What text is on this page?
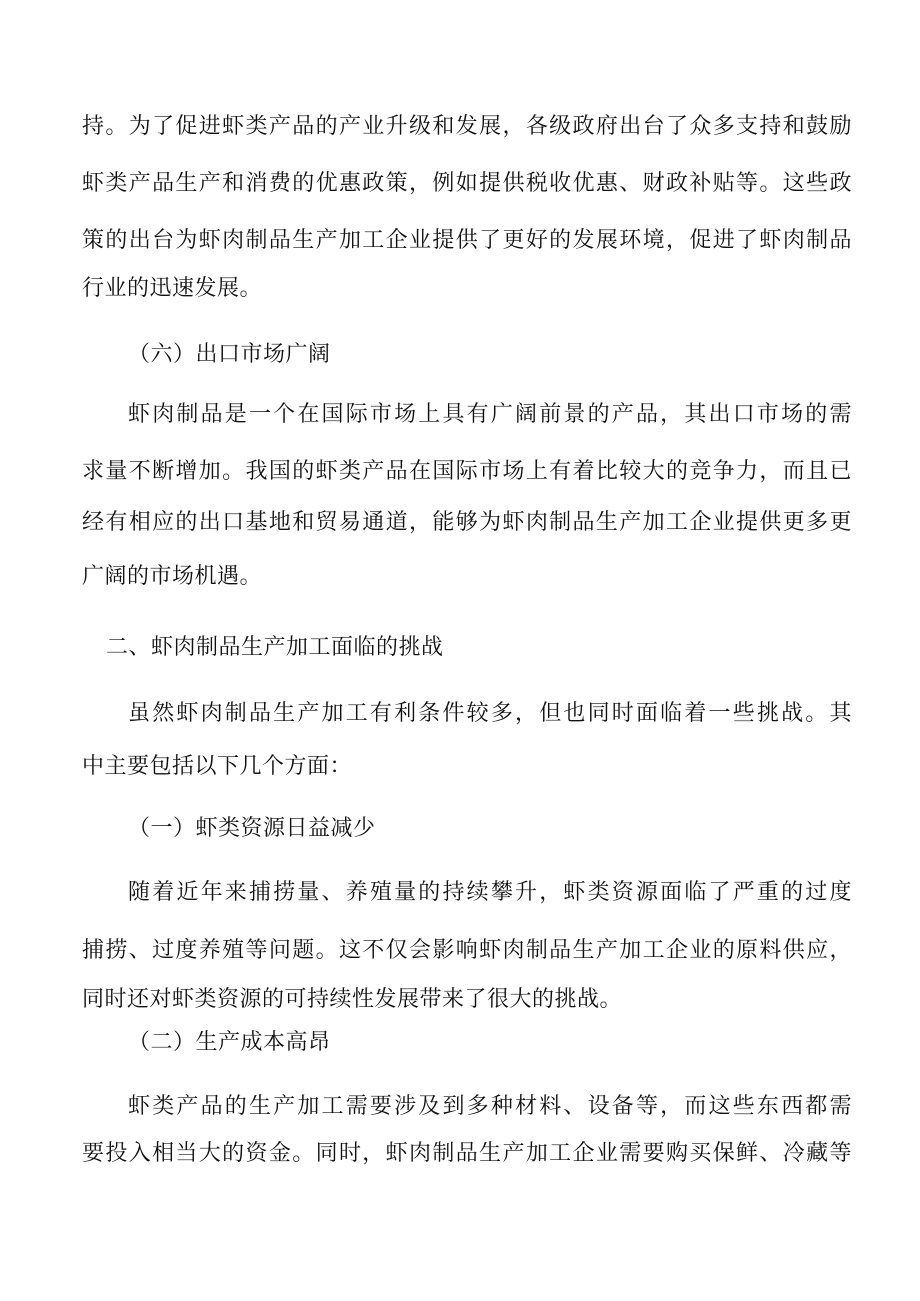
持。为了促进虾类产品的产业升级和发展，各级政府出台了众多支持和鼓励
虾类产品生产和消费的优惠政策，例如提供税收优惠、财政补贴等。这些政
策的出台为虾肉制品生产加工企业提供了更好的发展环境，促进了虾肉制品
行业的迅速发展。
（六）出口市场广阔
虾肉制品是一个在国际市场上具有广阔前景的产品，其出口市场的需
求量不断增加。我国的虾类产品在国际市场上有着比较大的竞争力，而且已
经有相应的出口基地和贸易通道，能够为虾肉制品生产加工企业提供更多更
广阔的市场机遇。
二、虾肉制品生产加工面临的挑战
虽然虾肉制品生产加工有利条件较多，但也同时面临着一些挑战。其
中主要包括以下几个方面：
（一）虾类资源日益减少
随着近年来捕捞量、养殖量的持续攀升，虾类资源面临了严重的过度
捕捞、过度养殖等问题。这不仅会影响虾肉制品生产加工企业的原料供应，
同时还对虾类资源的可持续性发展带来了很大的挑战。
（二）生产成本高昂
虾类产品的生产加工需要涉及到多种材料、设备等，而这些东西都需
要投入相当大的资金。同时，虾肉制品生产加工企业需要购买保鲜、冷藏等
